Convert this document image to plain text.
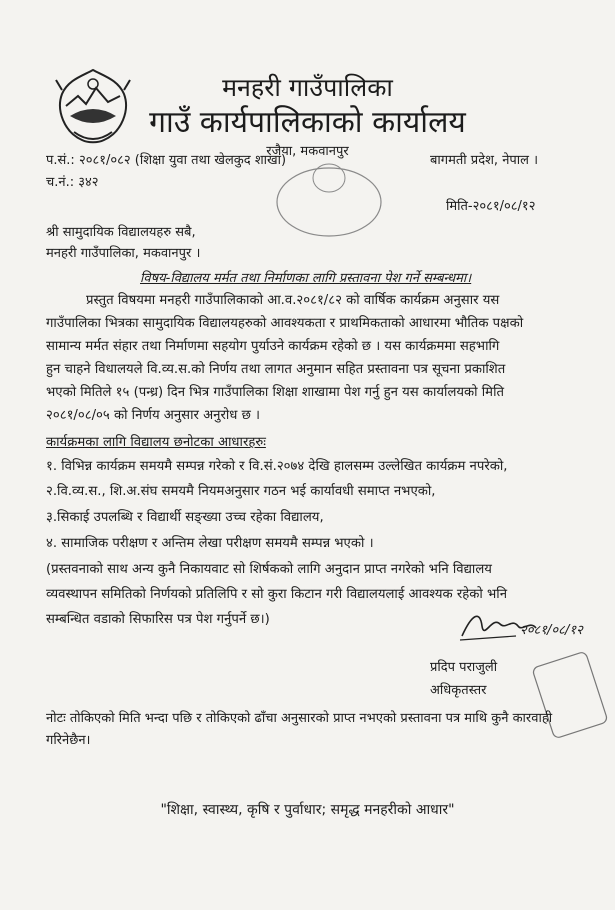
मनहरी गाउँपालिका
गाउँ कार्यपालिकाको कार्यालय
रजैया, मकवानपुर
प.सं.: २०८१/०८२ (शिक्षा युवा तथा खेलकुद शाखा)	बागमती प्रदेश, नेपाल ।
च.नं.: ३४२
मिति-२०८१/०८/१२
श्री सामुदायिक विद्यालयहरु सबै,
मनहरी गाउँपालिका, मकवानपुर ।
विषय-विद्यालय मर्मत तथा निर्माणका लागि प्रस्तावना पेश गर्ने सम्बन्धमा।
प्रस्तुत विषयमा मनहरी गाउँपालिकाको आ.व.२०८१/८२ को वार्षिक कार्यक्रम अनुसार यस
गाउँपालिका भित्रका सामुदायिक विद्यालयहरुको आवश्यकता र प्राथमिकताको आधारमा भौतिक पक्षको
सामान्य मर्मत संहार तथा निर्माणमा सहयोग पुर्याउने कार्यक्रम रहेको छ । यस कार्यक्रममा सहभागि
हुन चाहने विधालयले वि.व्य.स.को निर्णय तथा लागत अनुमान सहित प्रस्तावना पत्र सूचना प्रकाशित
भएको मितिले १५ (पन्ध्र) दिन भित्र गाउँपालिका शिक्षा शाखामा पेश गर्नु हुन यस कार्यालयको मिति
२०८१/०८/०५ को निर्णय अनुसार अनुरोध छ ।
कार्यक्रमका लागि विद्यालय छनोटका आधारहरुः
१. विभिन्न कार्यक्रम समयमै सम्पन्न गरेको र वि.सं.२०७४ देखि हालसम्म उल्लेखित कार्यक्रम नपरेको,
२.वि.व्य.स., शि.अ.संघ समयमै नियमअनुसार गठन भई कार्यावधी समाप्त नभएको,
३.सिकाई उपलब्धि र विद्यार्थी सङ्ख्या उच्च रहेका विद्यालय,
४. सामाजिक परीक्षण र अन्तिम लेखा परीक्षण समयमै सम्पन्न भएको ।
(प्रस्तवनाको साथ अन्य कुनै निकायवाट सो शिर्षकको लागि अनुदान प्राप्त नगरेको भनि विद्यालय
व्यवस्थापन समितिको निर्णयको प्रतिलिपि र सो कुरा किटान गरी विद्यालयलाई आवश्यक रहेको भनि
सम्बन्धित वडाको सिफारिस पत्र पेश गर्नुपर्ने छ।)
२०८१/०८/१२
प्रदिप पराजुली
अधिकृतस्तर
नोटः तोकिएको मिति भन्दा पछि र तोकिएको ढाँचा अनुसारको प्राप्त नभएको प्रस्तावना पत्र माथि कुनै कारवाही
गरिनेछैन।
"शिक्षा, स्वास्थ्य, कृषि र पुर्वाधार; समृद्ध मनहरीको आधार"
